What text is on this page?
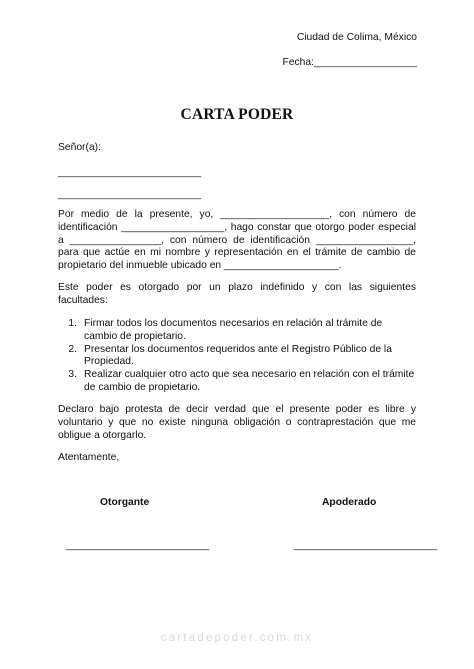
Ciudad de Colima, México
Fecha:__________________
CARTA PODER
Señor(a):
_________________________
_________________________
Por medio de la presente, yo, ___________________, con número de identificación __________________, hago constar que otorgo poder especial a ________________, con número de identificación _________________, para que actúe en mi nombre y representación en el trámite de cambio de propietario del inmueble ubicado en ____________________.
Este poder es otorgado por un plazo indefinido y con las siguientes facultades:
1. Firmar todos los documentos necesarios en relación al trámite de cambio de propietario.
2. Presentar los documentos requeridos ante el Registro Público de la Propiedad.
3. Realizar cualquier otro acto que sea necesario en relación con el trámite de cambio de propietario.
Declaro bajo protesta de decir verdad que el presente poder es libre y voluntario y que no existe ninguna obligación o contraprestación que me obligue a otorgarlo.
Atentamente,
Otorgante	Apoderado
_________________________	_________________________
cartadepoder.com.mx
